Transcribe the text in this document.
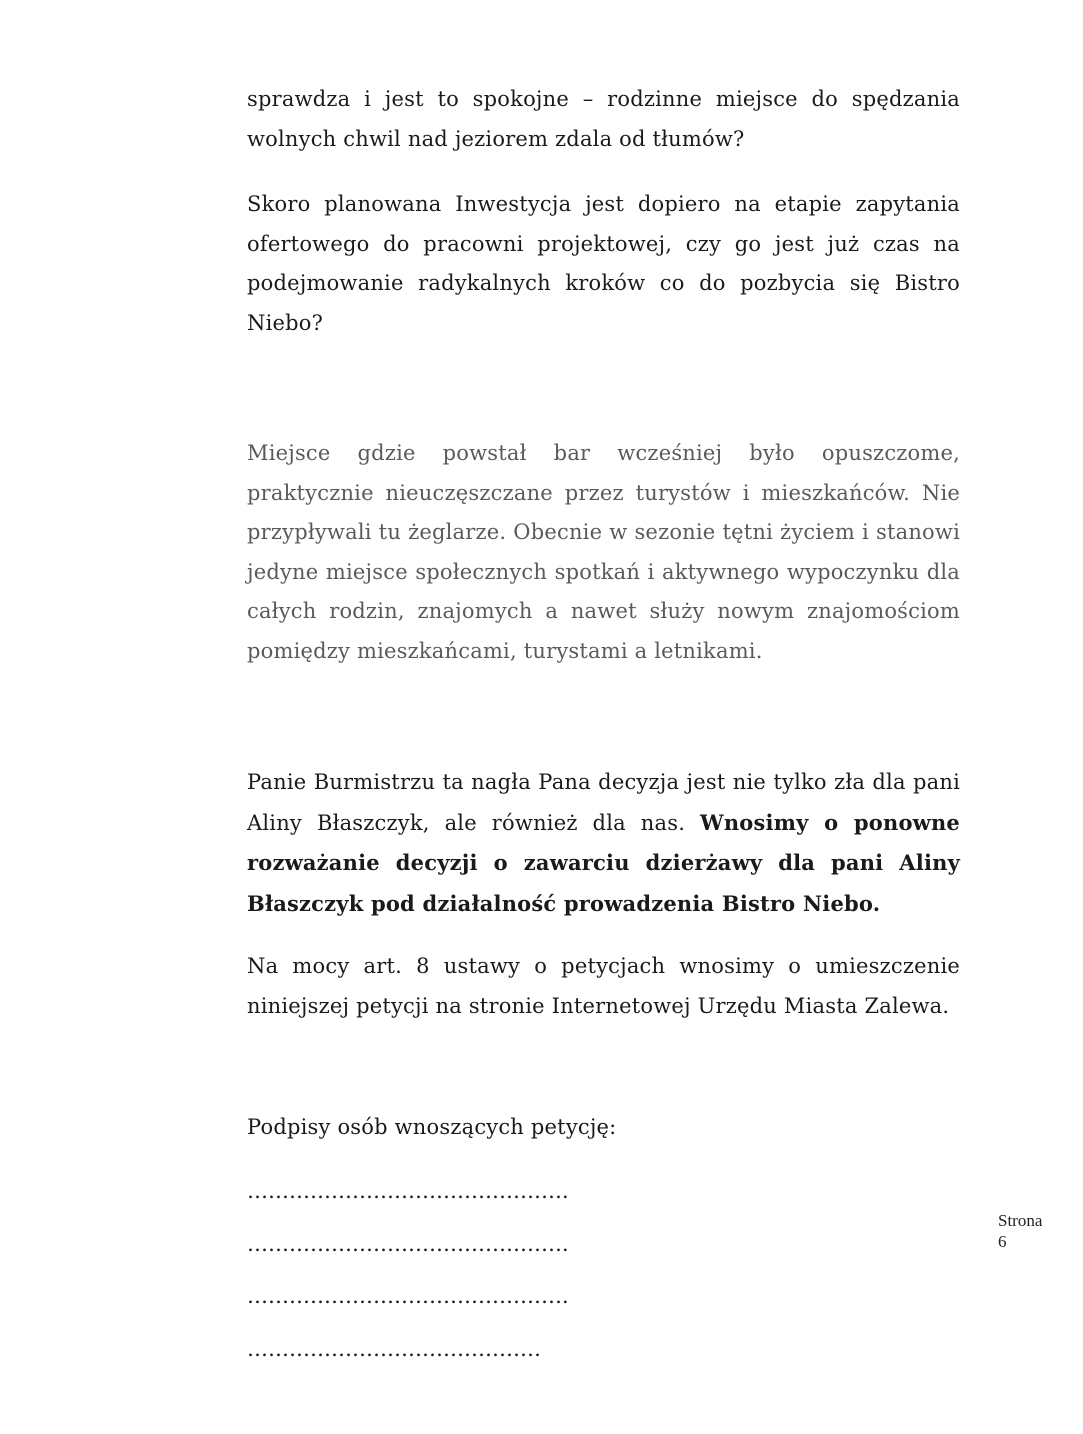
sprawdza i jest to spokojne – rodzinne miejsce do spędzania wolnych chwil nad jeziorem zdala od tłumów?

Skoro planowana Inwestycja jest dopiero na etapie zapytania ofertowego do pracowni projektowej, czy go jest już czas na podejmowanie radykalnych kroków co do pozbycia się Bistro Niebo?

Miejsce gdzie powstał bar wcześniej było opuszczome, praktycznie nieuczęszczane przez turystów i mieszkańców. Nie przypływali tu żeglarze. Obecnie w sezonie tętni życiem i stanowi jedyne miejsce społecznych spotkań i aktywnego wypoczynku dla całych rodzin, znajomych a nawet służy nowym znajomościom pomiędzy mieszkańcami, turystami a letnikami.

Panie Burmistrzu ta nagła Pana decyzja jest nie tylko zła dla pani Aliny Błaszczyk, ale również dla nas. Wnosimy o ponowne rozważanie decyzji o zawarciu dzierżawy dla pani Aliny Błaszczyk pod działalność prowadzenia Bistro Niebo.

Na mocy art. 8 ustawy o petycjach wnosimy o umieszczenie niniejszej petycji na stronie Internetowej Urzędu Miasta Zalewa.

Podpisy osób wnoszących petycję:

……………………………………….
……………………………………….
……………………………………….
……………………………………
Strona
6
